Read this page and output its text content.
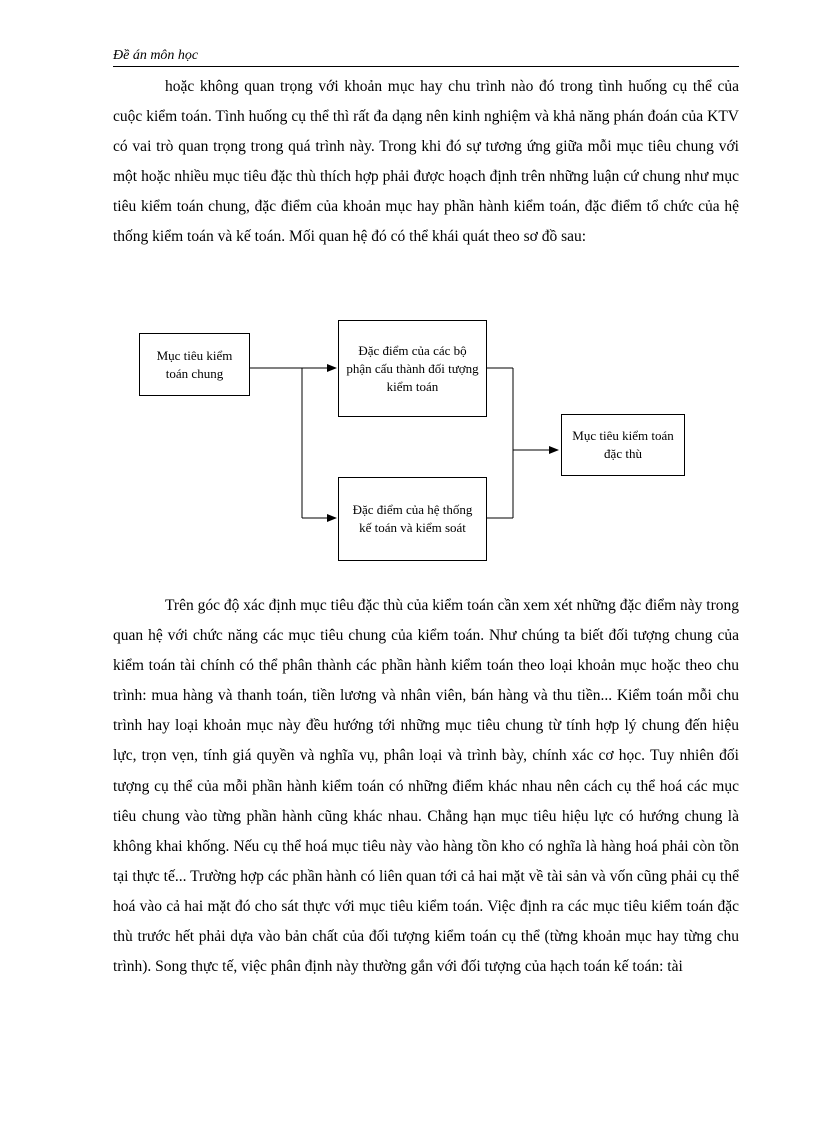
Đề án môn học

hoặc không quan trọng với khoản mục hay chu trình nào đó trong tình huống cụ thể của cuộc kiểm toán. Tình huống cụ thể thì rất đa dạng nên kinh nghiệm và khả năng phán đoán của KTV có vai trò quan trọng trong quá trình này. Trong khi đó sự tương ứng giữa mỗi mục tiêu chung với một hoặc nhiều mục tiêu đặc thù thích hợp phải được hoạch định trên những luận cứ chung như mục tiêu kiểm toán chung, đặc điểm của khoản mục hay phần hành kiểm toán, đặc điểm tổ chức của hệ thống kiểm toán và kế toán. Mối quan hệ đó có thể khái quát theo sơ đồ sau:

Mục tiêu kiểm toán chung
Đặc điểm của các bộ phận cấu thành đối tượng kiểm toán
Đặc điểm của hệ thống kế toán và kiểm soát
Mục tiêu kiểm toán đặc thù

Trên góc độ xác định mục tiêu đặc thù của kiểm toán cần xem xét những đặc điểm này trong quan hệ với chức năng các mục tiêu chung của kiểm toán. Như chúng ta biết đối tượng chung của kiểm toán tài chính có thể phân thành các phần hành kiểm toán theo loại khoản mục hoặc theo chu trình: mua hàng và thanh toán, tiền lương và nhân viên, bán hàng và thu tiền... Kiểm toán mỗi chu trình hay loại khoản mục này đều hướng tới những mục tiêu chung từ tính hợp lý chung đến hiệu lực, trọn vẹn, tính giá quyền và nghĩa vụ, phân loại và trình bày, chính xác cơ học. Tuy nhiên đối tượng cụ thể của mỗi phần hành kiểm toán có những điểm khác nhau nên cách cụ thể hoá các mục tiêu chung vào từng phần hành cũng khác nhau. Chẳng hạn mục tiêu hiệu lực có hướng chung là không khai khống. Nếu cụ thể hoá mục tiêu này vào hàng tồn kho có nghĩa là hàng hoá phải còn tồn tại thực tế... Trường hợp các phần hành có liên quan tới cả hai mặt về tài sản và vốn cũng phải cụ thể hoá vào cả hai mặt đó cho sát thực với mục tiêu kiểm toán. Việc định ra các mục tiêu kiểm toán đặc thù trước hết phải dựa vào bản chất của đối tượng kiểm toán cụ thể (từng khoản mục hay từng chu trình). Song thực tế, việc phân định này thường gắn với đối tượng của hạch toán kế toán: tài
